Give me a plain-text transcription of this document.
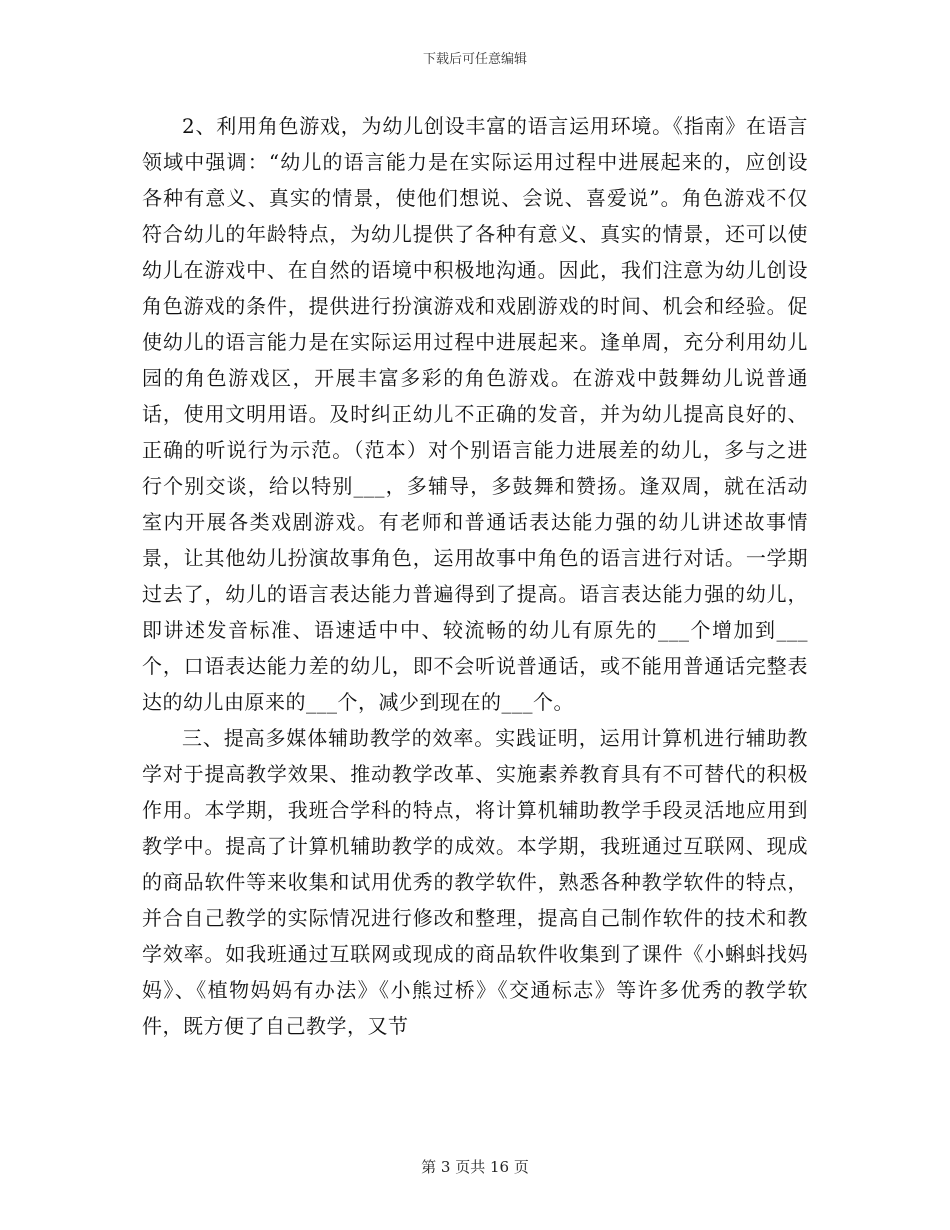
下载后可任意编辑

2、利用角色游戏，为幼儿创设丰富的语言运用环境。《指南》在语言领域中强调：“幼儿的语言能力是在实际运用过程中进展起来的，应创设各种有意义、真实的情景，使他们想说、会说、喜爱说”。角色游戏不仅符合幼儿的年龄特点，为幼儿提供了各种有意义、真实的情景，还可以使幼儿在游戏中、在自然的语境中积极地沟通。因此，我们注意为幼儿创设角色游戏的条件，提供进行扮演游戏和戏剧游戏的时间、机会和经验。促使幼儿的语言能力是在实际运用过程中进展起来。逢单周，充分利用幼儿园的角色游戏区，开展丰富多彩的角色游戏。在游戏中鼓舞幼儿说普通话，使用文明用语。及时纠正幼儿不正确的发音，并为幼儿提高良好的、正确的听说行为示范。（范本）对个别语言能力进展差的幼儿，多与之进行个别交谈，给以特别___，多辅导，多鼓舞和赞扬。逢双周，就在活动室内开展各类戏剧游戏。有老师和普通话表达能力强的幼儿讲述故事情景，让其他幼儿扮演故事角色，运用故事中角色的语言进行对话。一学期过去了，幼儿的语言表达能力普遍得到了提高。语言表达能力强的幼儿，即讲述发音标准、语速适中中、较流畅的幼儿有原先的___个增加到___个，口语表达能力差的幼儿，即不会听说普通话，或不能用普通话完整表达的幼儿由原来的___个，减少到现在的___个。

三、提高多媒体辅助教学的效率。实践证明，运用计算机进行辅助教学对于提高教学效果、推动教学改革、实施素养教育具有不可替代的积极作用。本学期，我班合学科的特点，将计算机辅助教学手段灵活地应用到教学中。提高了计算机辅助教学的成效。本学期，我班通过互联网、现成的商品软件等来收集和试用优秀的教学软件，熟悉各种教学软件的特点，并合自己教学的实际情况进行修改和整理，提高自己制作软件的技术和教学效率。如我班通过互联网或现成的商品软件收集到了课件《小蝌蚪找妈妈》、《植物妈妈有办法》《小熊过桥》《交通标志》等许多优秀的教学软件，既方便了自己教学，又节

第 3 页共 16 页
